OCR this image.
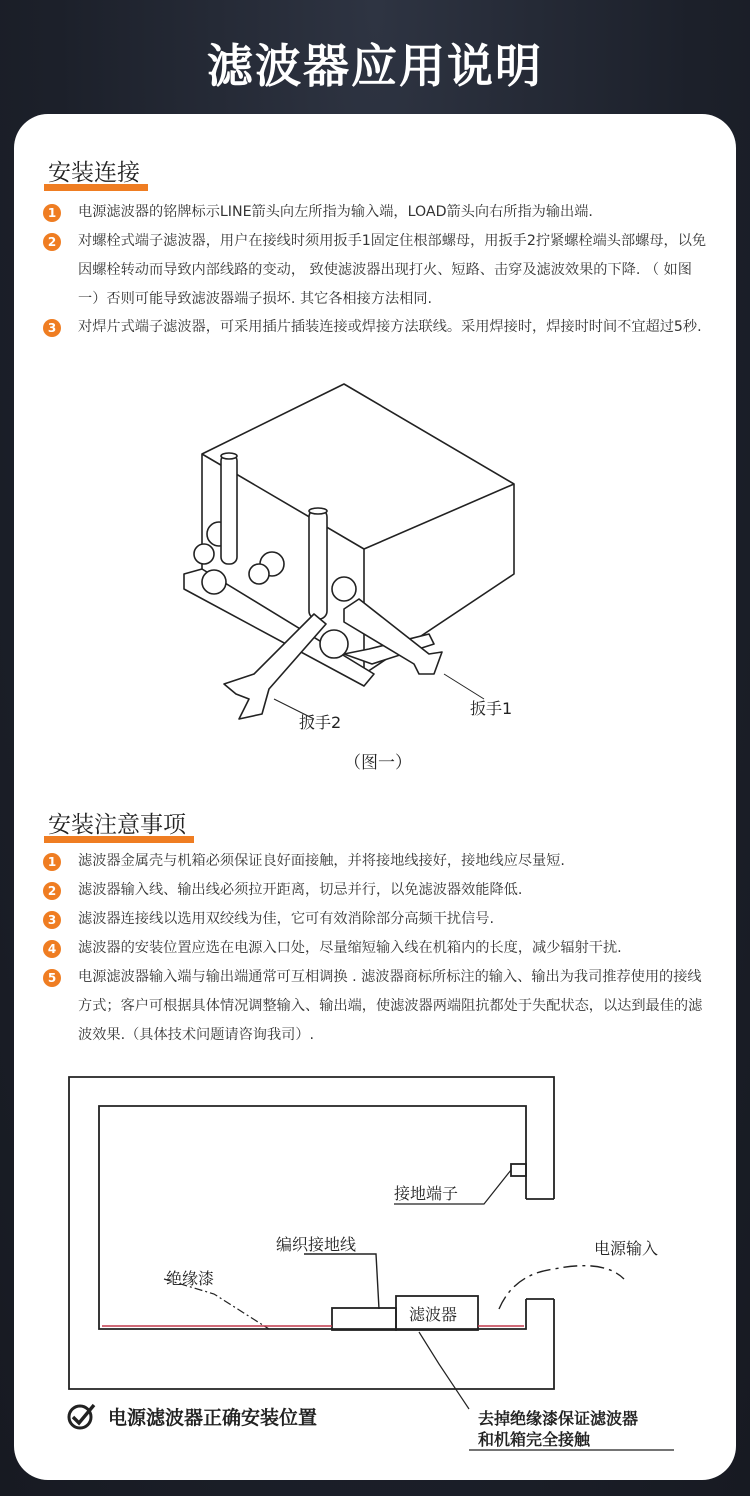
滤波器应用说明
安装连接
1	电源滤波器的铭牌标示LINE箭头向左所指为输入端，LOAD箭头向右所指为输出端.
2	对螺栓式端子滤波器，用户在接线时须用扳手1固定住根部螺母，用扳手2拧紧螺栓端头部螺母，以免因螺栓转动而导致内部线路的变动， 致使滤波器出现打火、短路、击穿及滤波效果的下降. （ 如图一）否则可能导致滤波器端子损坏. 其它各相接方法相同.
3	对焊片式端子滤波器，可采用插片插装连接或焊接方法联线。采用焊接时，焊接时时间不宜超过5秒.
扳手2
扳手1
（图一）
安装注意事项
1	滤波器金属壳与机箱必须保证良好面接触，并将接地线接好，接地线应尽量短.
2	滤波器输入线、输出线必须拉开距离，切忌并行，以免滤波器效能降低.
3	滤波器连接线以选用双绞线为佳，它可有效消除部分高频干扰信号.
4	滤波器的安装位置应选在电源入口处，尽量缩短输入线在机箱内的长度，减少辐射干扰.
5	电源滤波器输入端与输出端通常可互相调换 . 滤波器商标所标注的输入、输出为我司推荐使用的接线方式；客户可根据具体情况调整输入、输出端，使滤波器两端阻抗都处于失配状态，以达到最佳的滤波效果.（具体技术问题请咨询我司）.
接地端子
编织接地线	电源输入
绝缘漆
滤波器
电源滤波器正确安装位置	去掉绝缘漆保证滤波器
和机箱完全接触
